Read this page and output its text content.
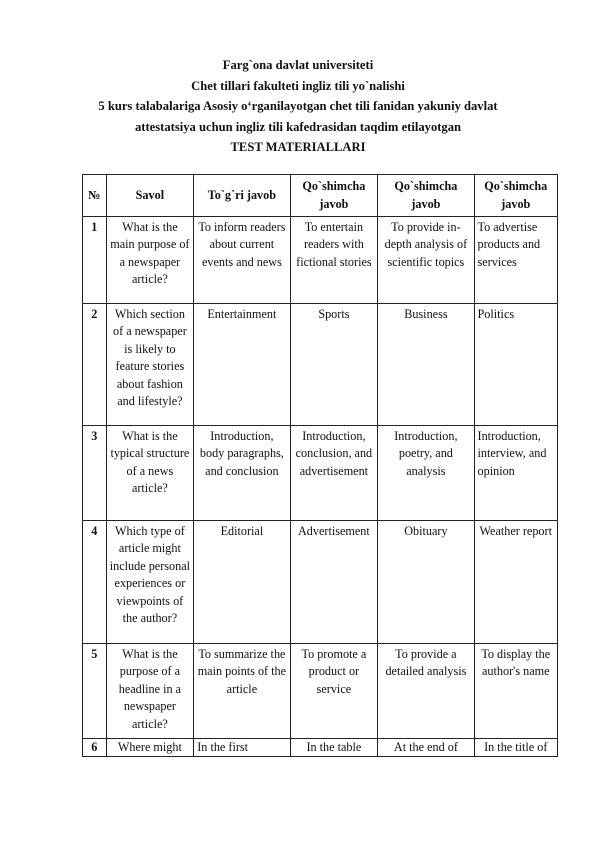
Farg`ona davlat universiteti
Chet tillari fakulteti ingliz tili yo`nalishi
5 kurs talabalariga Asosiy o‘rganilayotgan chet tili fanidan yakuniy davlat
attestatsiya uchun ingliz tili kafedrasidan taqdim etilayotgan
TEST MATERIALLARI
№	Savol	To`g`ri javob	Qo`shimcha javob	Qo`shimcha javob	Qo`shimcha javob
1	What is the main purpose of a newspaper article?	To inform readers about current events and news	To entertain readers with fictional stories	To provide in-depth analysis of scientific topics	To advertise products and services
2	Which section of a newspaper is likely to feature stories about fashion and lifestyle?	Entertainment	Sports	Business	Politics
3	What is the typical structure of a news article?	Introduction, body paragraphs, and conclusion	Introduction, conclusion, and advertisement	Introduction, poetry, and analysis	Introduction, interview, and opinion
4	Which type of article might include personal experiences or viewpoints of the author?	Editorial	Advertisement	Obituary	Weather report
5	What is the purpose of a headline in a newspaper article?	To summarize the main points of the article	To promote a product or service	To provide a detailed analysis	To display the author's name
6	Where might	In the first	In the table	At the end of	In the title of
